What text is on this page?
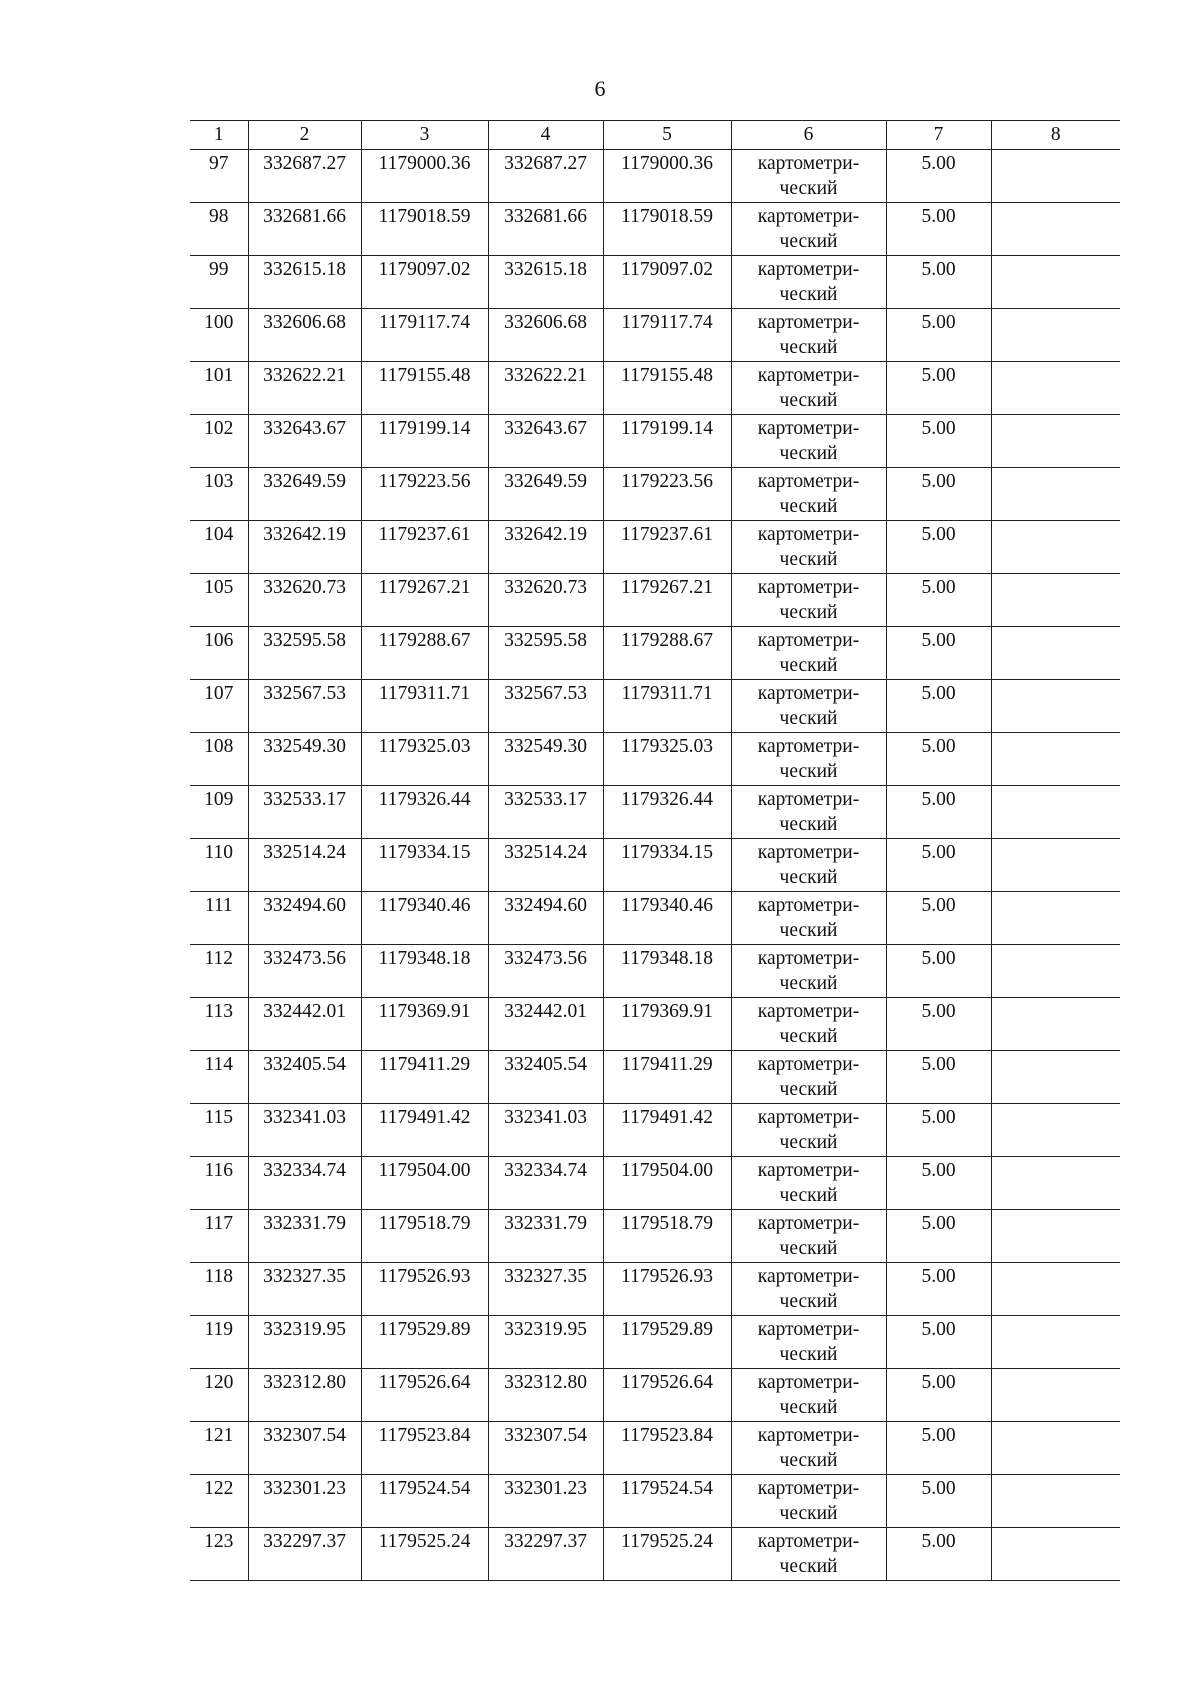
6
1	2	3	4	5	6	7	8
97	332687.27	1179000.36	332687.27	1179000.36	картометри-
ческий	5.00	
98	332681.66	1179018.59	332681.66	1179018.59	картометри-
ческий	5.00	
99	332615.18	1179097.02	332615.18	1179097.02	картометри-
ческий	5.00	
100	332606.68	1179117.74	332606.68	1179117.74	картометри-
ческий	5.00	
101	332622.21	1179155.48	332622.21	1179155.48	картометри-
ческий	5.00	
102	332643.67	1179199.14	332643.67	1179199.14	картометри-
ческий	5.00	
103	332649.59	1179223.56	332649.59	1179223.56	картометри-
ческий	5.00	
104	332642.19	1179237.61	332642.19	1179237.61	картометри-
ческий	5.00	
105	332620.73	1179267.21	332620.73	1179267.21	картометри-
ческий	5.00	
106	332595.58	1179288.67	332595.58	1179288.67	картометри-
ческий	5.00	
107	332567.53	1179311.71	332567.53	1179311.71	картометри-
ческий	5.00	
108	332549.30	1179325.03	332549.30	1179325.03	картометри-
ческий	5.00	
109	332533.17	1179326.44	332533.17	1179326.44	картометри-
ческий	5.00	
110	332514.24	1179334.15	332514.24	1179334.15	картометри-
ческий	5.00	
111	332494.60	1179340.46	332494.60	1179340.46	картометри-
ческий	5.00	
112	332473.56	1179348.18	332473.56	1179348.18	картометри-
ческий	5.00	
113	332442.01	1179369.91	332442.01	1179369.91	картометри-
ческий	5.00	
114	332405.54	1179411.29	332405.54	1179411.29	картометри-
ческий	5.00	
115	332341.03	1179491.42	332341.03	1179491.42	картометри-
ческий	5.00	
116	332334.74	1179504.00	332334.74	1179504.00	картометри-
ческий	5.00	
117	332331.79	1179518.79	332331.79	1179518.79	картометри-
ческий	5.00	
118	332327.35	1179526.93	332327.35	1179526.93	картометри-
ческий	5.00	
119	332319.95	1179529.89	332319.95	1179529.89	картометри-
ческий	5.00	
120	332312.80	1179526.64	332312.80	1179526.64	картометри-
ческий	5.00	
121	332307.54	1179523.84	332307.54	1179523.84	картометри-
ческий	5.00	
122	332301.23	1179524.54	332301.23	1179524.54	картометри-
ческий	5.00	
123	332297.37	1179525.24	332297.37	1179525.24	картометри-
ческий	5.00	
